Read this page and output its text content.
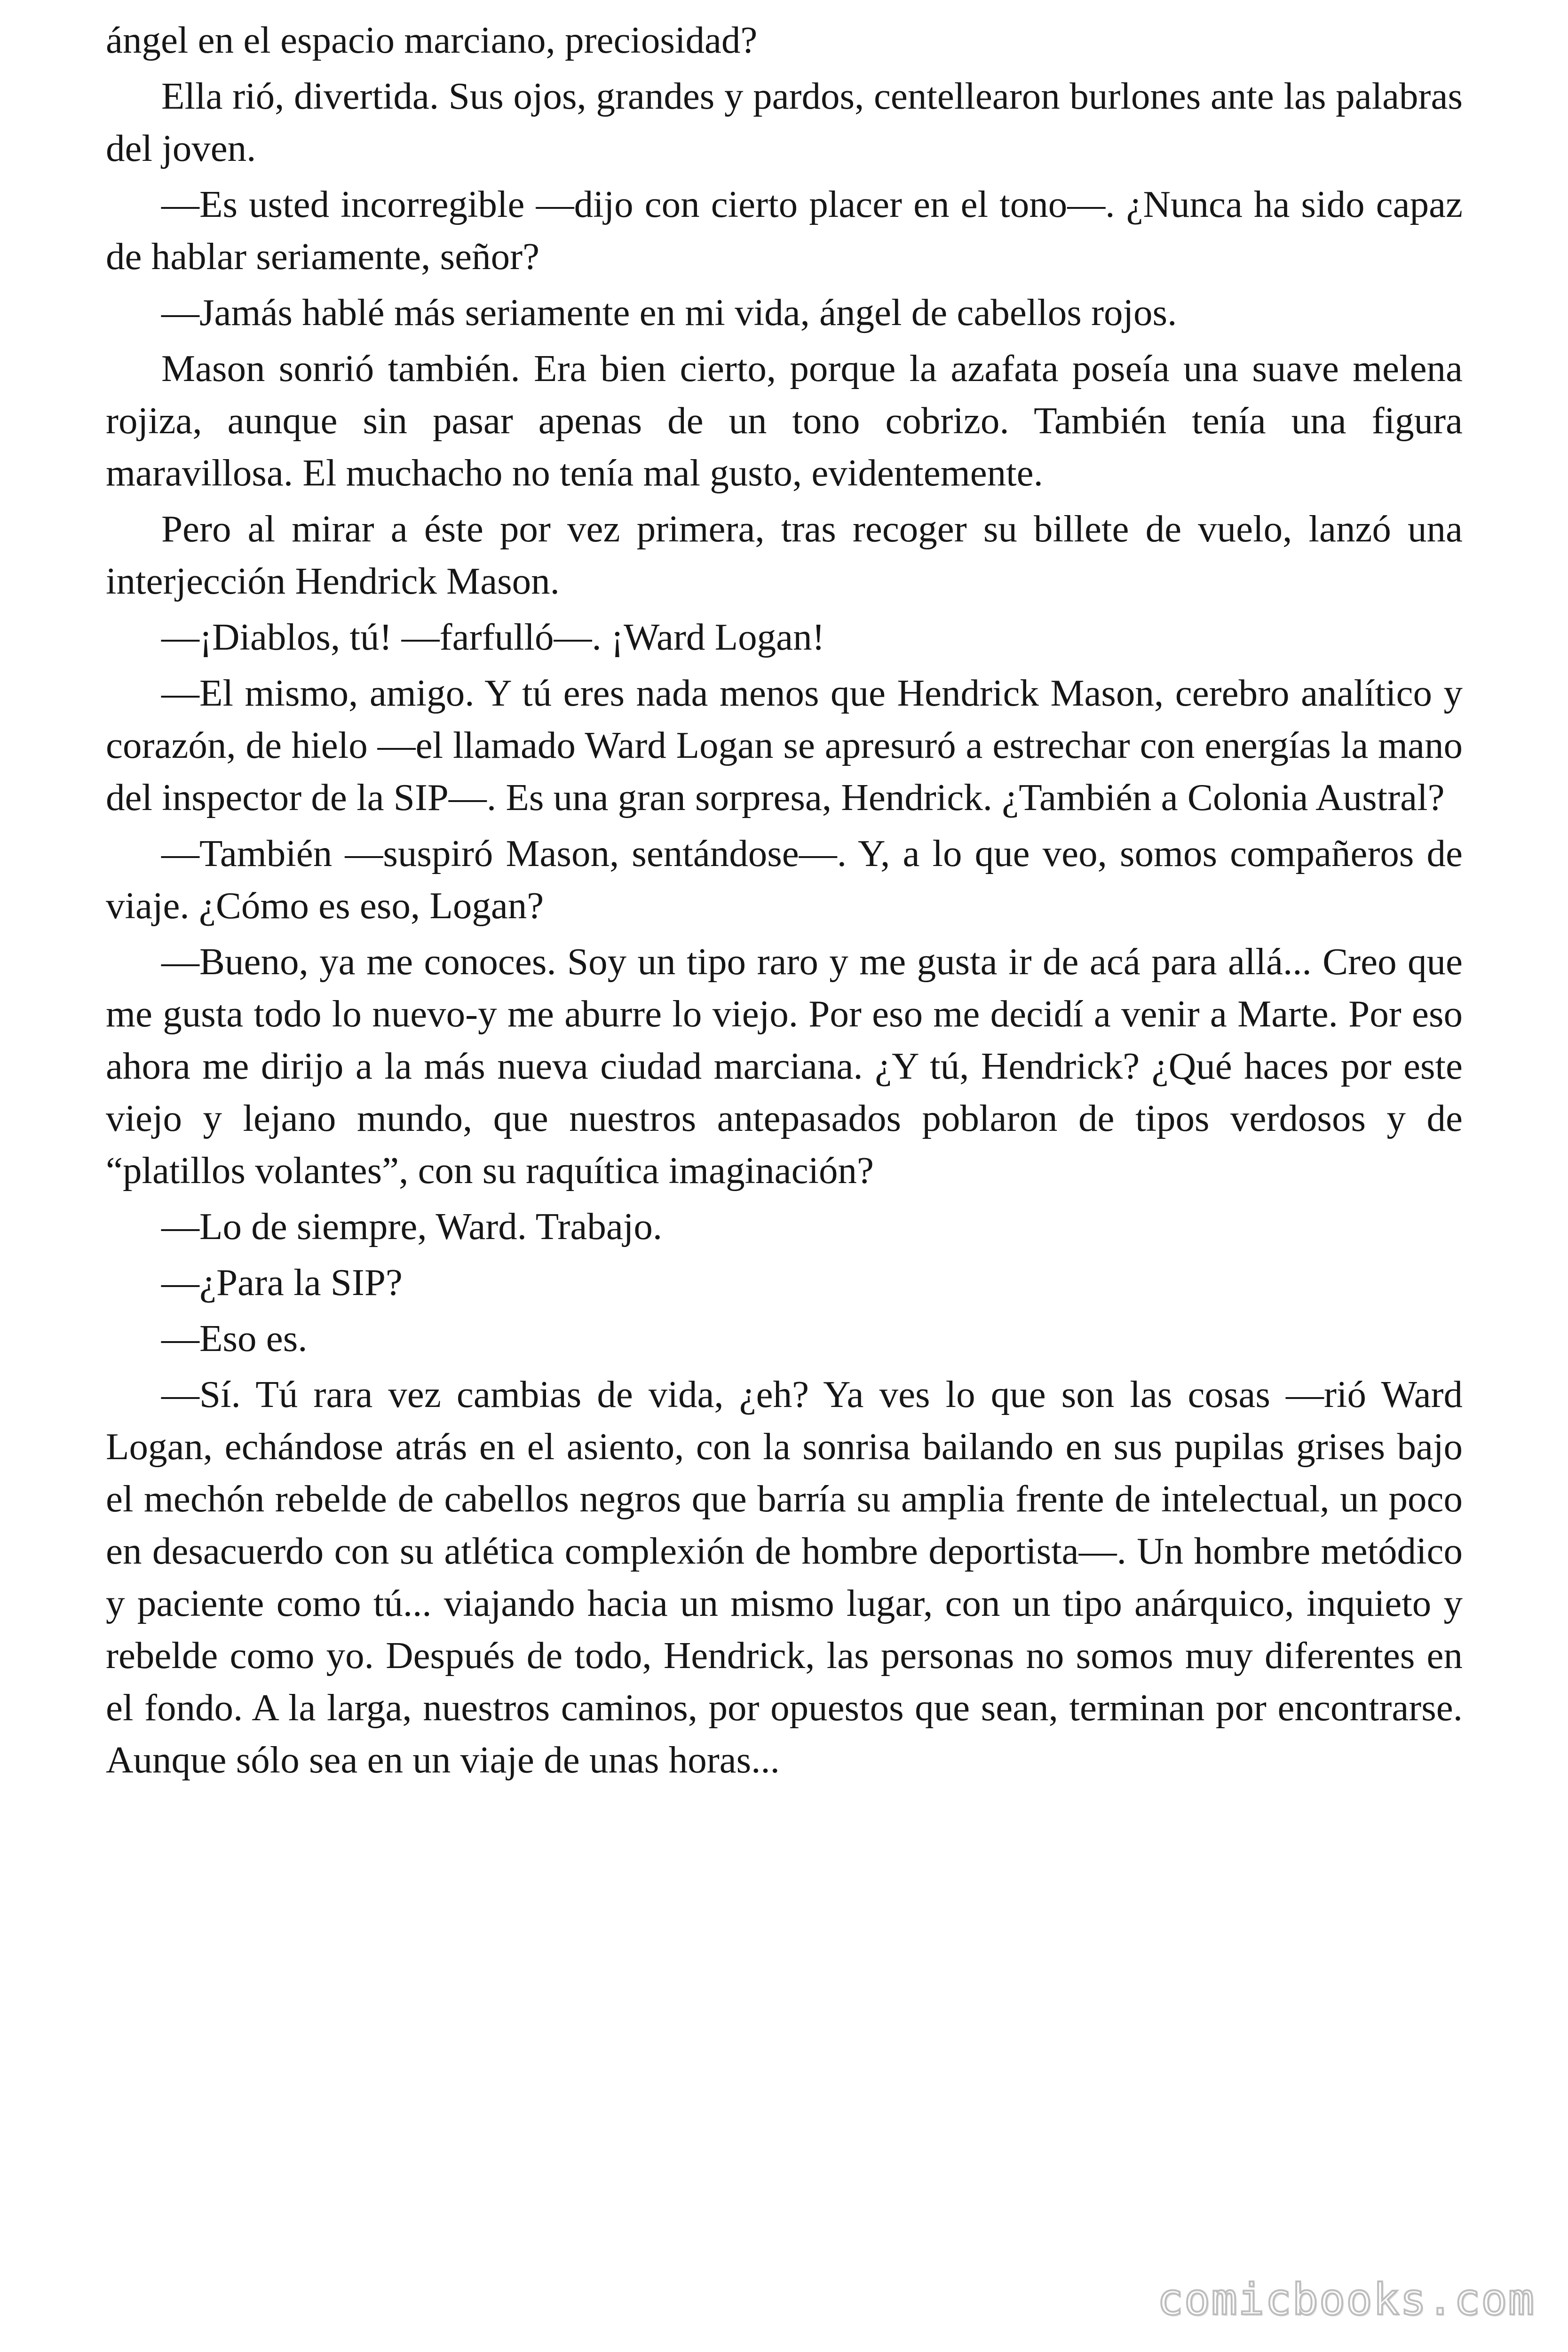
ángel en el espacio marciano, preciosidad?

Ella rió, divertida. Sus ojos, grandes y pardos, centellearon burlones ante las palabras del joven.

—Es usted incorregible —dijo con cierto placer en el tono—. ¿Nunca ha sido capaz de hablar seriamente, señor?

—Jamás hablé más seriamente en mi vida, ángel de cabellos rojos.

Mason sonrió también. Era bien cierto, porque la azafata poseía una suave melena rojiza, aunque sin pasar apenas de un tono cobrizo. También tenía una figura maravillosa. El muchacho no tenía mal gusto, evidentemente.

Pero al mirar a éste por vez primera, tras recoger su billete de vuelo, lanzó una interjección Hendrick Mason.

—¡Diablos, tú! —farfulló—. ¡Ward Logan!

—El mismo, amigo. Y tú eres nada menos que Hendrick Mason, cerebro analítico y corazón, de hielo —el llamado Ward Logan se apresuró a estrechar con energías la mano del inspector de la SIP—. Es una gran sorpresa, Hendrick. ¿También a Colonia Austral?

—También —suspiró Mason, sentándose—. Y, a lo que veo, somos compañeros de viaje. ¿Cómo es eso, Logan?

—Bueno, ya me conoces. Soy un tipo raro y me gusta ir de acá para allá... Creo que me gusta todo lo nuevo-y me aburre lo viejo. Por eso me decidí a venir a Marte. Por eso ahora me dirijo a la más nueva ciudad marciana. ¿Y tú, Hendrick? ¿Qué haces por este viejo y lejano mundo, que nuestros antepasados poblaron de tipos verdosos y de “platillos volantes”, con su raquítica imaginación?

—Lo de siempre, Ward. Trabajo.

—¿Para la SIP?

—Eso es.

—Sí. Tú rara vez cambias de vida, ¿eh? Ya ves lo que son las cosas —rió Ward Logan, echándose atrás en el asiento, con la sonrisa bailando en sus pupilas grises bajo el mechón rebelde de cabellos negros que barría su amplia frente de intelectual, un poco en desacuerdo con su atlética complexión de hombre deportista—. Un hombre metódico y paciente como tú... viajando hacia un mismo lugar, con un tipo anárquico, inquieto y rebelde como yo. Después de todo, Hendrick, las personas no somos muy diferentes en el fondo. A la larga, nuestros caminos, por opuestos que sean, terminan por encontrarse. Aunque sólo sea en un viaje de unas horas...

comicbooks.com
